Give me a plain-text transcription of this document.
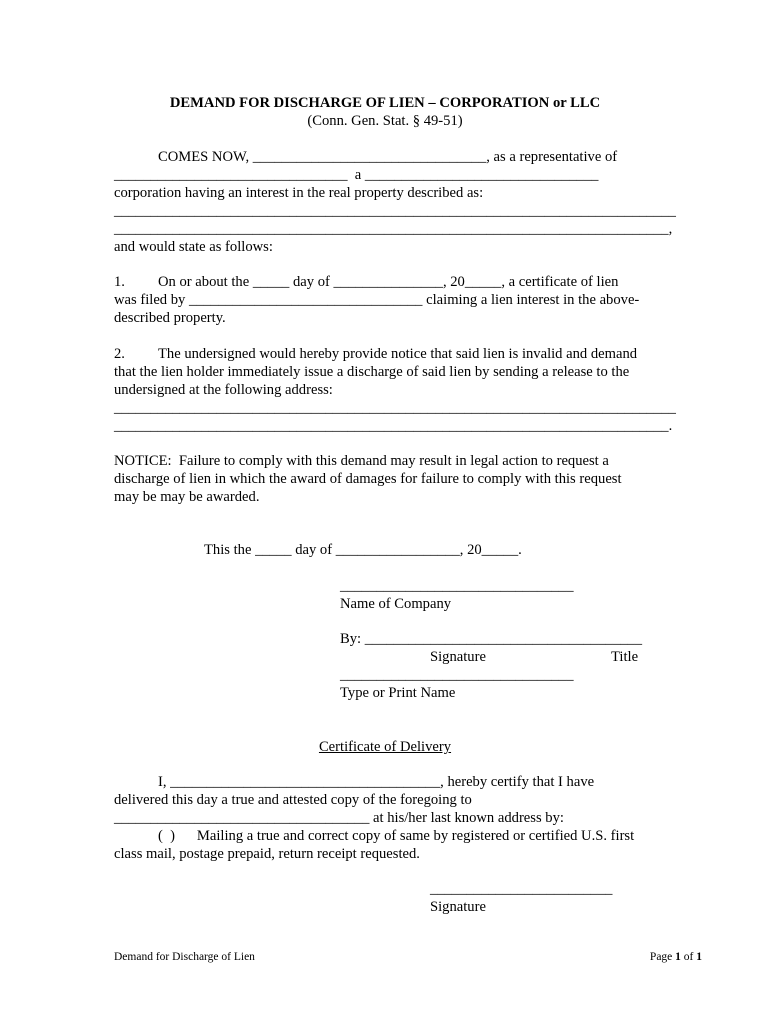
DEMAND FOR DISCHARGE OF LIEN – CORPORATION or LLC
(Conn. Gen. Stat. § 49-51)
COMES NOW, ________________________________, as a representative of
________________________________  a ________________________________
corporation having an interest in the real property described as:
_____________________________________________________________________________
____________________________________________________________________________,
and would state as follows:
1. On or about the _____ day of _______________, 20_____, a certificate of lien
was filed by ________________________________ claiming a lien interest in the above-
described property.
2. The undersigned would hereby provide notice that said lien is invalid and demand
that the lien holder immediately issue a discharge of said lien by sending a release to the
undersigned at the following address:
_____________________________________________________________________________
____________________________________________________________________________.
NOTICE:  Failure to comply with this demand may result in legal action to request a
discharge of lien in which the award of damages for failure to comply with this request
may be may be awarded.
This the _____ day of _________________, 20_____.
________________________________
Name of Company
By: ______________________________________
Signature	Title
________________________________
Type or Print Name
Certificate of Delivery
I, _____________________________________, hereby certify that I have
delivered this day a true and attested copy of the foregoing to
___________________________________ at his/her last known address by:
(  )      Mailing a true and correct copy of same by registered or certified U.S. first
class mail, postage prepaid, return receipt requested.
_________________________
Signature
Demand for Discharge of Lien	Page 1 of 1
